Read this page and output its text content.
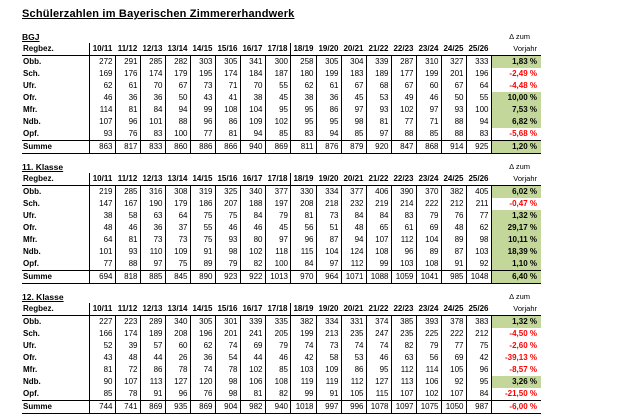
Schülerzahlen im Bayerischen Zimmererhandwerk
BGJ	Δ zum
Regbez.	10/11	11/12	12/13	13/14	14/15	15/16	16/17	17/18	18/19	19/20	20/21	21/22	22/23	23/24	24/25	25/26	Vorjahr
Obb.	272	291	285	282	303	305	341	300	258	305	304	339	287	310	327	333	1,83 %
Sch.	169	176	174	179	195	174	184	187	180	199	183	189	177	199	201	196	-2,49 %
Ufr.	62	61	70	67	73	71	70	55	62	61	67	68	67	60	67	64	-4,48 %
Ofr.	46	36	36	50	43	41	38	45	38	36	45	53	49	46	50	55	10,00 %
Mfr.	114	81	84	94	99	108	104	95	95	86	97	93	102	97	93	100	7,53 %
Ndb.	107	96	101	88	96	86	109	102	95	95	98	81	77	71	88	94	6,82 %
Opf.	93	76	83	100	77	81	94	85	83	94	85	97	88	85	88	83	-5,68 %
Summe	863	817	833	860	886	866	940	869	811	876	879	920	847	868	914	925	1,20 %
11. Klasse	Δ zum
Regbez.	10/11	11/12	12/13	13/14	14/15	15/16	16/17	17/18	18/19	19/20	20/21	21/22	22/23	23/24	24/25	25/26	Vorjahr
Obb.	219	285	316	308	319	325	340	377	330	334	377	406	390	370	382	405	6,02 %
Sch.	147	167	190	179	186	207	188	197	208	218	232	219	214	222	212	211	-0,47 %
Ufr.	38	58	63	64	75	75	84	79	81	73	84	84	83	79	76	77	1,32 %
Ofr.	48	46	36	37	55	46	46	45	56	51	48	65	61	69	48	62	29,17 %
Mfr.	64	81	73	73	75	93	80	97	96	87	94	107	112	104	89	98	10,11 %
Ndb.	101	93	110	109	91	98	102	118	115	104	124	108	96	89	87	103	18,39 %
Opf.	77	88	97	75	89	79	82	100	84	97	112	99	103	108	91	92	1,10 %
Summe	694	818	885	845	890	923	922	1013	970	964	1071	1088	1059	1041	985	1048	6,40 %
12. Klasse	Δ zum
Regbez.	10/11	11/12	12/13	13/14	14/15	15/16	16/17	17/18	18/19	19/20	20/21	21/22	22/23	23/24	24/25	25/26	Vorjahr
Obb.	227	223	289	340	305	301	339	335	382	334	331	374	385	393	378	383	1,32 %
Sch.	166	174	189	208	196	201	241	205	199	213	235	247	235	225	222	212	-4,50 %
Ufr.	52	39	57	60	62	74	69	79	74	73	74	74	82	79	77	75	-2,60 %
Ofr.	43	48	44	26	36	54	44	46	42	58	53	46	63	56	69	42	-39,13 %
Mfr.	81	72	86	78	74	78	102	85	103	109	86	95	112	114	105	96	-8,57 %
Ndb.	90	107	113	127	120	98	106	108	119	119	112	127	113	106	92	95	3,26 %
Opf.	85	78	91	96	76	98	81	82	99	91	105	115	107	102	107	84	-21,50 %
Summe	744	741	869	935	869	904	982	940	1018	997	996	1078	1097	1075	1050	987	-6,00 %
